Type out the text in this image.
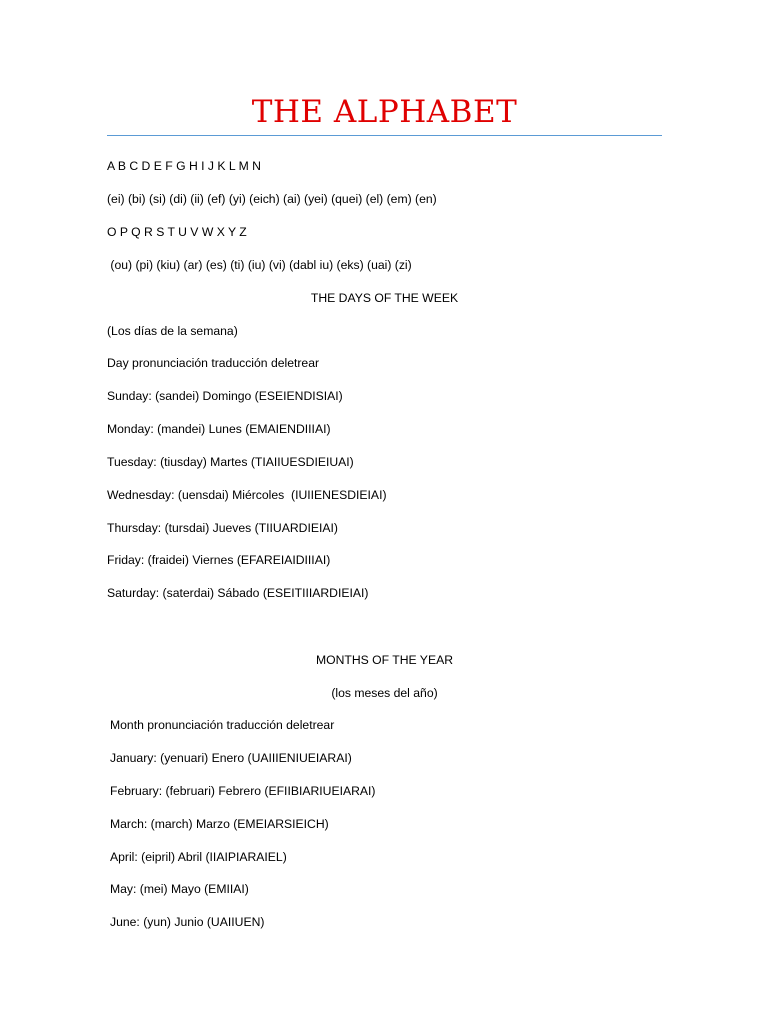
THE ALPHABET
A B C D E F G H I J K L M N
(ei) (bi) (si) (di) (ii) (ef) (yi) (eich) (ai) (yei) (quei) (el) (em) (en)
O P Q R S T U V W X Y Z
(ou) (pi) (kiu) (ar) (es) (ti) (iu) (vi) (dabl iu) (eks) (uai) (zi)
THE DAYS OF THE WEEK
(Los días de la semana)
Day pronunciación traducción deletrear
Sunday: (sandei) Domingo (ESEIENDISIAI)
Monday: (mandei) Lunes (EMAIENDIIIAI)
Tuesday: (tiusday) Martes (TIAIIUESDIEIUAI)
Wednesday: (uensdai) Miércoles  (IUIIENESDIEIAI)
Thursday: (tursdai) Jueves (TIIUARDIEIAI)
Friday: (fraidei) Viernes (EFAREIAIDIIIAI)
Saturday: (saterdai) Sábado (ESEITIIIARDIEIAI)
MONTHS OF THE YEAR
(los meses del año)
Month pronunciación traducción deletrear
January: (yenuari) Enero (UAIIIENIUEIARAI)
February: (februari) Febrero (EFIIBIARIUEIARAI)
March: (march) Marzo (EMEIARSIEICH)
April: (eipril) Abril (IIAIPIARAIEL)
May: (mei) Mayo (EMIIAI)
June: (yun) Junio (UAIIUEN)
